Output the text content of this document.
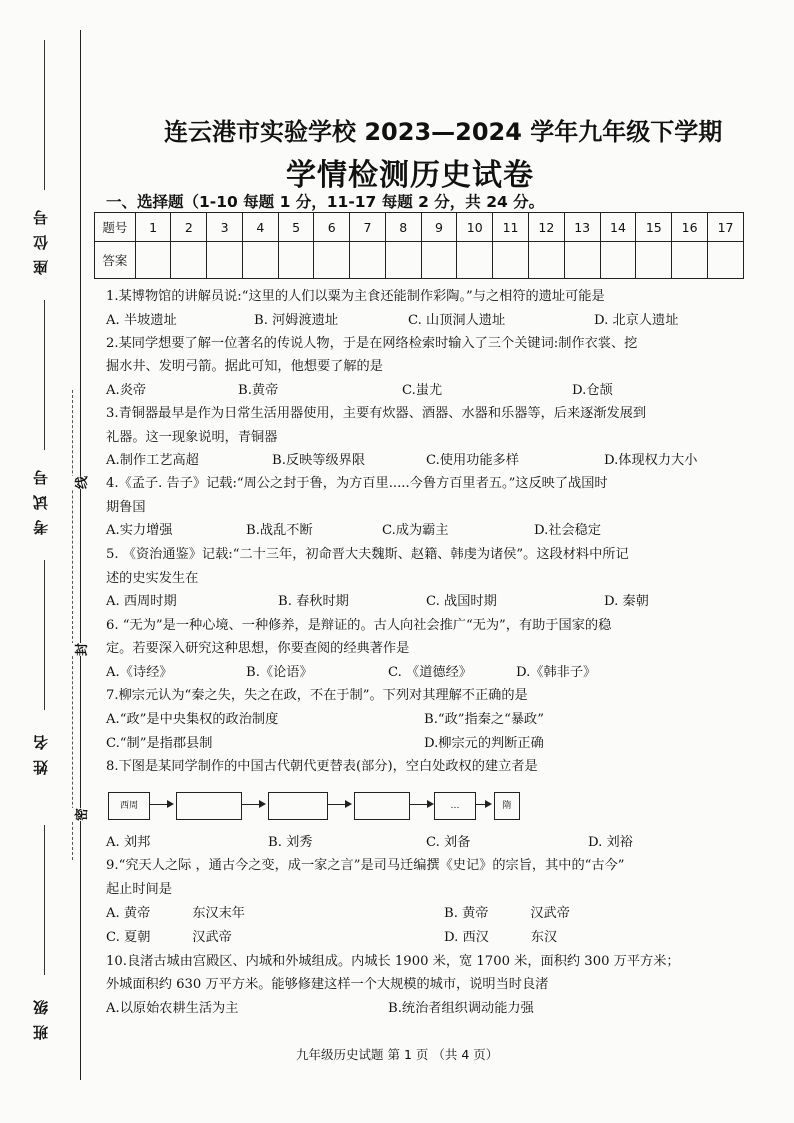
座位号
考试号
姓名
班级
密
封
线
连云港市实验学校 2023—2024 学年九年级下学期
学情检测历史试卷
一、选择题（1-10 每题 1 分，11-17 每题 2 分，共 24 分。
题号	1	2	3	4	5	6	7	8	9	10	11	12	13	14	15	16	17
答案																	
1.某博物馆的讲解员说:“这里的人们以粟为主食还能制作彩陶。”与之相符的遗址可能是
A. 半坡遗址	B. 河姆渡遗址	C. 山顶洞人遗址	D. 北京人遗址
2.某同学想要了解一位著名的传说人物，于是在网络检索时输入了三个关键词:制作衣裳、挖
掘水井、发明弓箭。据此可知，他想要了解的是
A.炎帝	B.黄帝	C.蚩尤	D.仓颉
3.青铜器最早是作为日常生活用器使用，主要有炊器、酒器、水器和乐器等，后来逐渐发展到
礼器。这一现象说明，青铜器
A.制作工艺高超	B.反映等级界限	C.使用功能多样	D.体现权力大小
4.《孟子. 告子》记载:“周公之封于鲁，为方百里.....今鲁方百里者五。”这反映了战国时
期鲁国
A.实力增强	B.战乱不断	C.成为霸主	D.社会稳定
5. 《资治通鉴》记载:“二十三年，初命晋大夫魏斯、赵籍、韩虔为诸侯”。这段材料中所记
述的史实发生在
A. 西周时期	B. 春秋时期	C. 战国时期	D. 秦朝
6. “无为”是一种心境、一种修养，是辩证的。古人向社会推广“无为”，有助于国家的稳
定。若要深入研究这种思想，你要查阅的经典著作是
A.《诗经》	B.《论语》	C. 《道德经》	D.《韩非子》
7.柳宗元认为“秦之失，失之在政，不在于制”。下列对其理解不正确的是
A.“政”是中央集权的政治制度	B.“政”指秦之“暴政”
C.“制”是指郡县制	D.柳宗元的判断正确
8.下图是某同学制作的中国古代朝代更替表(部分)，空白处政权的建立者是
西周	…	隋
A. 刘邦	B. 刘秀	C. 刘备	D. 刘裕
9.“究天人之际 ，通古今之变，成一家之言”是司马迁编撰《史记》的宗旨，其中的“古今”
起止时间是
A. 黄帝          东汉末年	B. 黄帝          汉武帝
C. 夏朝          汉武帝	D. 西汉          东汉
10.良渚古城由宫殿区、内城和外城组成。内城长 1900 米，宽 1700 米，面积约 300 万平方米；
外城面积约 630 万平方米。能够修建这样一个大规模的城市，说明当时良渚
A.以原始农耕生活为主	B.统治者组织调动能力强
九年级历史试题 第 1 页 （共 4 页）
